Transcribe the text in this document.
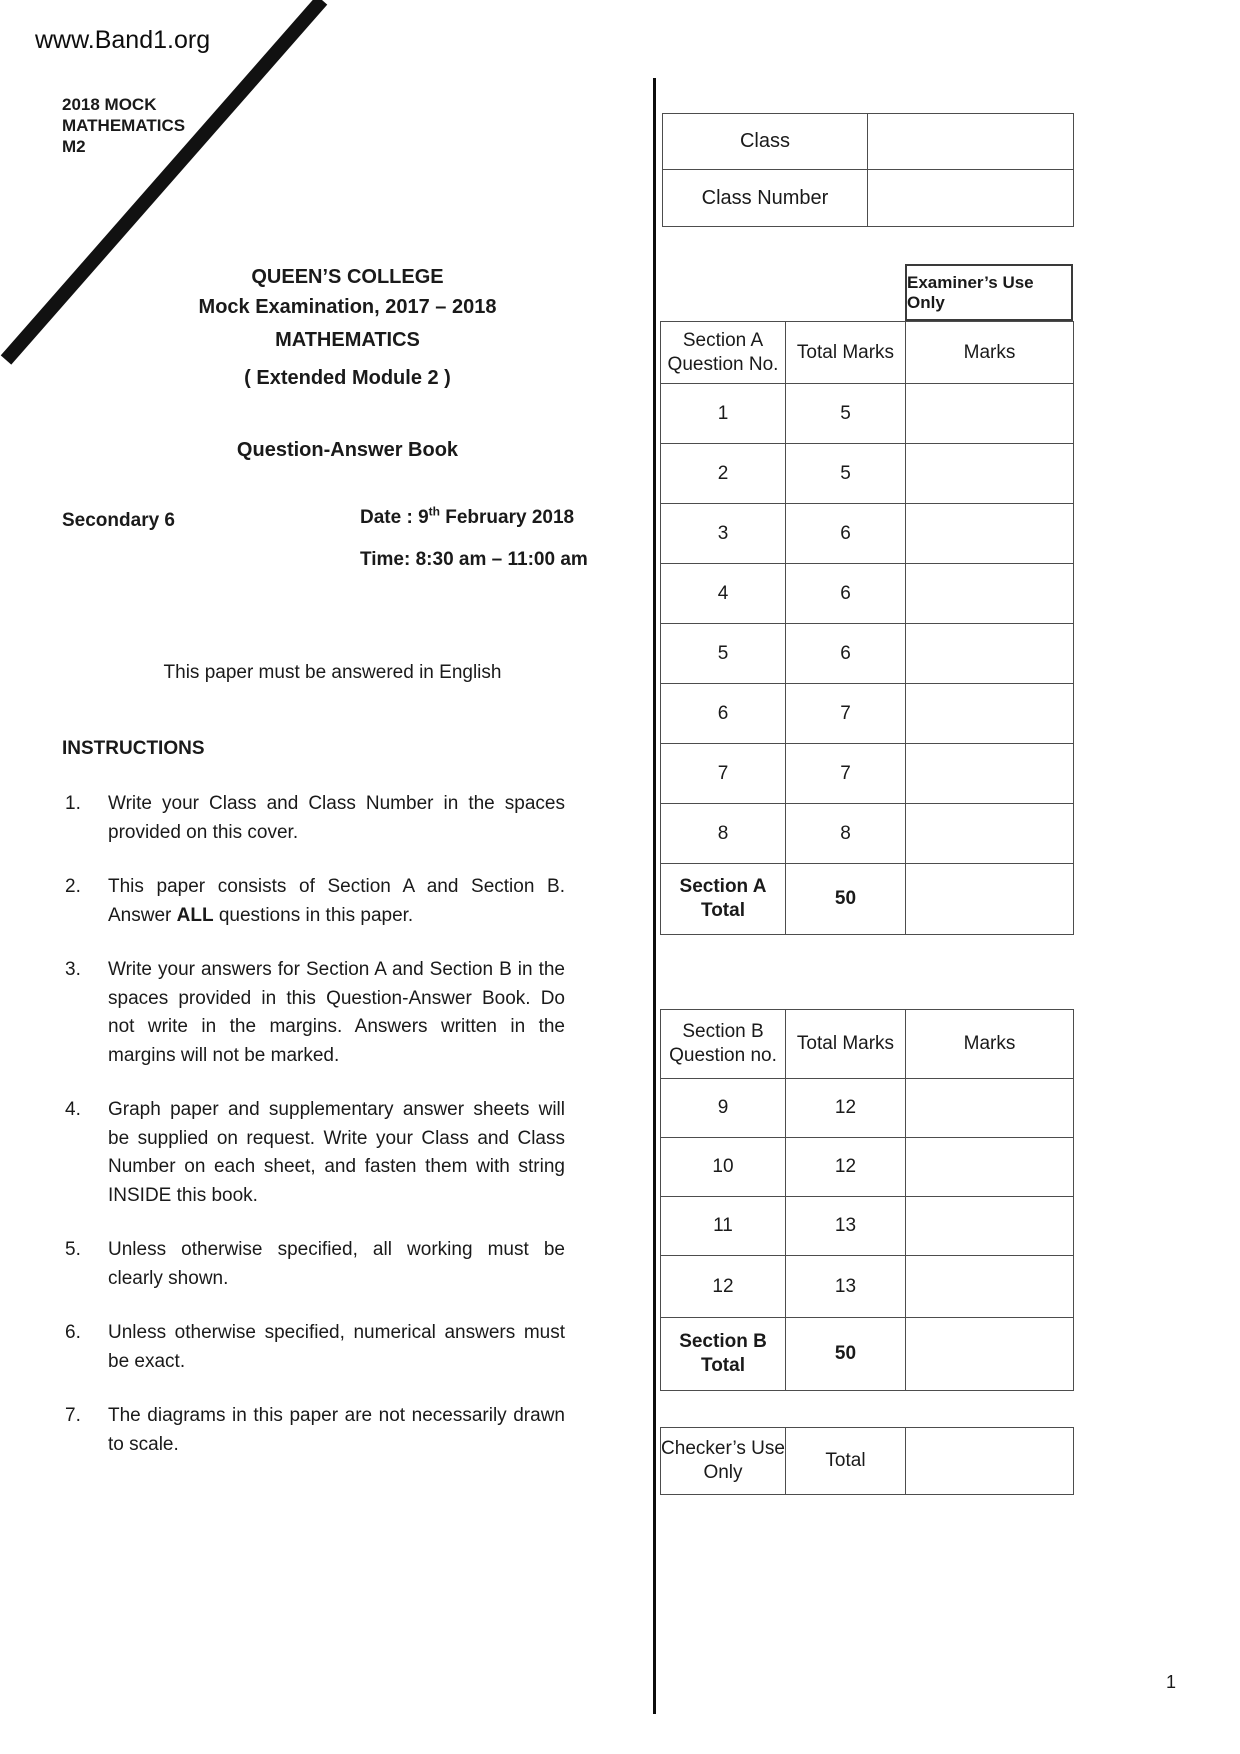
www.Band1.org
2018 MOCK
MATHEMATICS
M2
QUEEN’S COLLEGE
Mock Examination, 2017 – 2018
MATHEMATICS
( Extended Module 2 )
Question-Answer Book
Secondary 6	Date : 9th February 2018
Time: 8:30 am – 11:00 am
This paper must be answered in English
INSTRUCTIONS
1.	Write your Class and Class Number in the spaces provided on this cover.
2.	This paper consists of Section A and Section B. Answer ALL questions in this paper.
3.	Write your answers for Section A and Section B in the spaces provided in this Question-Answer Book. Do not write in the margins. Answers written in the margins will not be marked.
4.	Graph paper and supplementary answer sheets will be supplied on request. Write your Class and Class Number on each sheet, and fasten them with string INSIDE this book.
5.	Unless otherwise specified, all working must be clearly shown.
6.	Unless otherwise specified, numerical answers must be exact.
7.	The diagrams in this paper are not necessarily drawn to scale.
Class	
Class Number	
Examiner’s Use Only
Section A
Question No.	Total Marks	Marks
1	5	
2	5	
3	6	
4	6	
5	6	
6	7	
7	7	
8	8	
Section A
Total	50	
Section B
Question no.	Total Marks	Marks
9	12	
10	12	
11	13	
12	13	
Section B
Total	50	
Checker’s Use
Only	Total	
1
